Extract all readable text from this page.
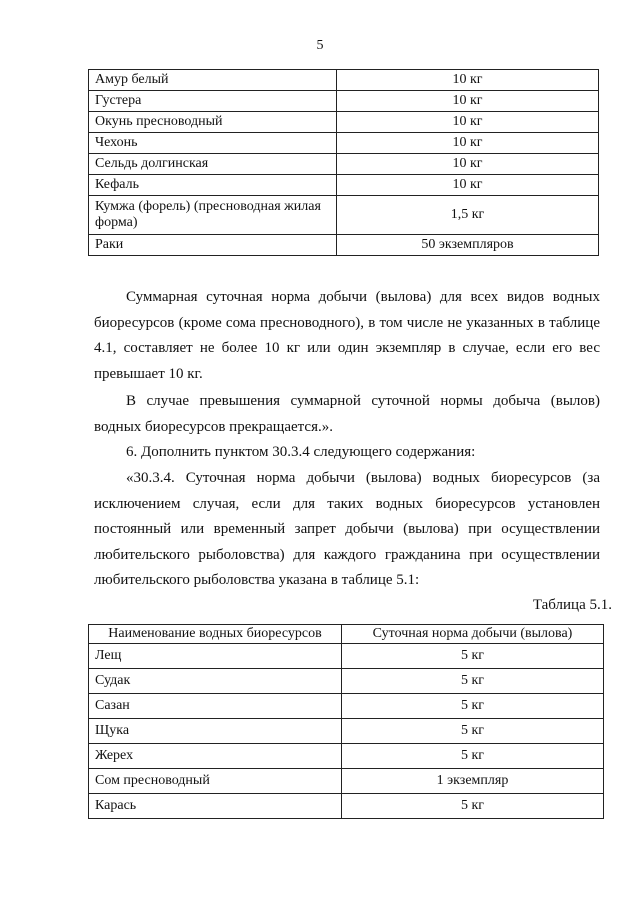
5
Амур белый	10 кг
Густера	10 кг
Окунь пресноводный	10 кг
Чехонь	10 кг
Сельдь долгинская	10 кг
Кефаль	10 кг
Кумжа (форель) (пресноводная жилая форма)	1,5 кг
Раки	50 экземпляров

Суммарная суточная норма добычи (вылова) для всех видов водных биоресурсов (кроме сома пресноводного), в том числе не указанных в таблице 4.1, составляет не более 10 кг или один экземпляр в случае, если его вес превышает 10 кг.

В случае превышения суммарной суточной нормы добыча (вылов) водных биоресурсов прекращается.».

6. Дополнить пунктом 30.3.4 следующего содержания:

«30.3.4. Суточная норма добычи (вылова) водных биоресурсов (за исключением случая, если для таких водных биоресурсов установлен постоянный или временный запрет добычи (вылова) при осуществлении любительского рыболовства) для каждого гражданина при осуществлении любительского рыболовства указана в таблице 5.1:

Таблица 5.1.
Наименование водных биоресурсов	Суточная норма добычи (вылова)
Лещ	5 кг
Судак	5 кг
Сазан	5 кг
Щука	5 кг
Жерех	5 кг
Сом пресноводный	1 экземпляр
Карась	5 кг
